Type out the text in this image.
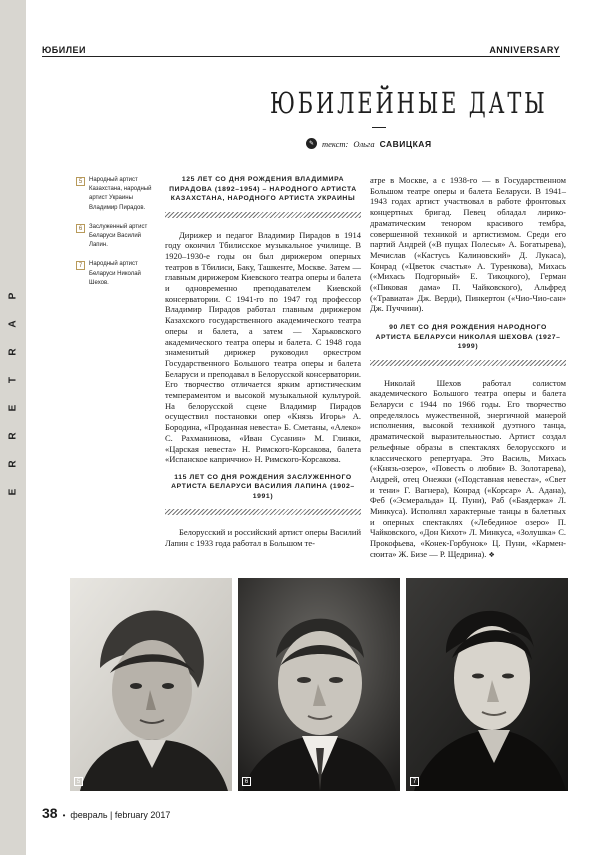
P
A
R
T
E
R
R
E
ЮБИЛЕИ	ANNIVERSARY
ЮБИЛЕЙНЫЕ ДАТЫ
✎ текст: Ольга САВИЦКАЯ
5	Народный артист Казахстана, народный артист Украины Владимир Пирадов.
6	Заслуженный артист Беларуси Василий Лапин.
7	Народный артист Беларуси Николай Шехов.

125 ЛЕТ СО ДНЯ РОЖДЕНИЯ ВЛАДИМИРА ПИРАДОВА (1892–1954) – НАРОДНОГО АРТИСТА КАЗАХСТАНА, НАРОДНОГО АРТИСТА УКРАИНЫ

Дирижер и педагог Владимир Пирадов в 1914 году окончил Тбилисское музыкальное училище. В 1920–1930-е годы он был дирижером оперных театров в Тбилиси, Баку, Ташкенте, Москве. Затем — главным дирижером Киевского театра оперы и балета и одновременно преподавателем Киевской консерватории. С 1941-го по 1947 год профессор Владимир Пирадов работал главным дирижером Казахского государственного академического театра оперы и балета, а затем — Харьковского академического театра оперы и балета. С 1948 года знаменитый дирижер руководил оркестром Государственного Большого театра оперы и балета Беларуси и преподавал в Белорусской консерватории. Его творчество отличается ярким артистическим темпераментом и высокой музыкальной культурой. На белорусской сцене Владимир Пирадов осуществил постановки опер «Князь Игорь» А. Бородина, «Проданная невеста» Б. Сметаны, «Алеко» С. Рахманинова, «Иван Сусанин» М. Глинки, «Царская невеста» Н. Римского-Корсакова, балета «Испанское каприччио» Н. Римского-Корсакова.

115 ЛЕТ СО ДНЯ РОЖДЕНИЯ ЗАСЛУЖЕННОГО АРТИСТА БЕЛАРУСИ ВАСИЛИЯ ЛАПИНА (1902–1991)

Белорусский и российский артист оперы Василий Лапин с 1933 года работал в Большом те-

атре в Москве, а с 1938-го — в Государственном Большом театре оперы и балета Беларуси. В 1941–1943 годах артист участвовал в работе фронтовых концертных бригад. Певец обладал лирико-драматическим тенором красивого тембра, совершенной техникой и артистизмом. Среди его партий Андрей («В пущах Полесья» А. Богатырева), Мечислав («Кастусь Калиновский» Д. Лукаса), Конрад («Цветок счастья» А. Туренкова), Михась («Михась Подгорный» Е. Тикоцкого), Герман («Пиковая дама» П. Чайковского), Альфред («Травиата» Дж. Верди), Пинкертон («Чио-Чио-сан» Дж. Пуччини).

90 ЛЕТ СО ДНЯ РОЖДЕНИЯ НАРОДНОГО АРТИСТА БЕЛАРУСИ НИКОЛАЯ ШЕХОВА (1927–1999)

Николай Шехов работал солистом академического Большого театра оперы и балета Беларуси с 1944 по 1966 годы. Его творчество определялось мужественной, энергичной манерой исполнения, высокой техникой дуэтного танца, драматической выразительностью. Артист создал рельефные образы в спектаклях белорусского и классического репертуара. Это Василь, Михась («Князь-озеро», «Повесть о любви» В. Золотарева), Андрей, отец Онежки («Подставная невеста», «Свет и тени» Г. Вагнера), Конрад («Корсар» А. Адана), Феб («Эсмеральда» Ц. Пуни), Раб («Баядерка» Л. Минкуса). Исполнял характерные танцы в балетных и оперных спектаклях («Лебединое озеро» П. Чайковского, «Дон Кихот» Л. Минкуса, «Золушка» С. Прокофьева, «Конек-Горбунок» Ц. Пуни, «Кармен-сюита» Ж. Бизе — Р. Щедрина). ❖

5	6	7
38 • февраль | february 2017
